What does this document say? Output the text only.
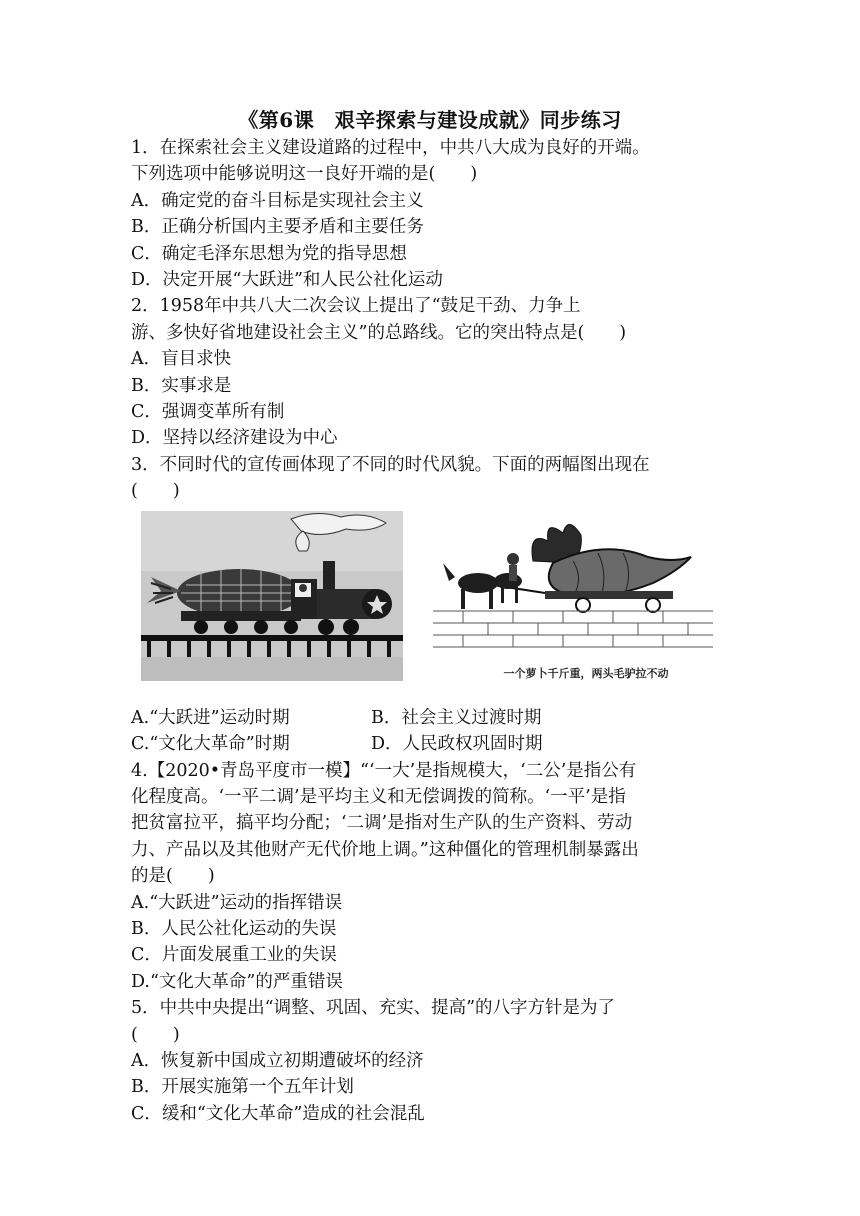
《第6课　艰辛探索与建设成就》同步练习
1．在探索社会主义建设道路的过程中，中共八大成为良好的开端。
下列选项中能够说明这一良好开端的是(　　)
A．确定党的奋斗目标是实现社会主义
B．正确分析国内主要矛盾和主要任务
C．确定毛泽东思想为党的指导思想
D．决定开展“大跃进”和人民公社化运动
2．1958年中共八大二次会议上提出了“鼓足干劲、力争上
游、多快好省地建设社会主义”的总路线。它的突出特点是(　　)
A．盲目求快
B．实事求是
C．强调变革所有制
D．坚持以经济建设为中心
3．不同时代的宣传画体现了不同的时代风貌。下面的两幅图出现在
(　　)
一个萝卜千斤重，两头毛驴拉不动
A.“大跃进”运动时期	B．社会主义过渡时期
C.“文化大革命”时期	D．人民政权巩固时期
4.【2020•青岛平度市一模】“‘一大’是指规模大，‘二公’是指公有
化程度高。‘一平二调’是平均主义和无偿调拨的简称。‘一平’是指
把贫富拉平，搞平均分配；‘二调’是指对生产队的生产资料、劳动
力、产品以及其他财产无代价地上调。”这种僵化的管理机制暴露出
的是(　　)
A.“大跃进”运动的指挥错误
B．人民公社化运动的失误
C．片面发展重工业的失误
D.“文化大革命”的严重错误
5．中共中央提出“调整、巩固、充实、提高”的八字方针是为了
(　　)
A．恢复新中国成立初期遭破坏的经济
B．开展实施第一个五年计划
C．缓和“文化大革命”造成的社会混乱
